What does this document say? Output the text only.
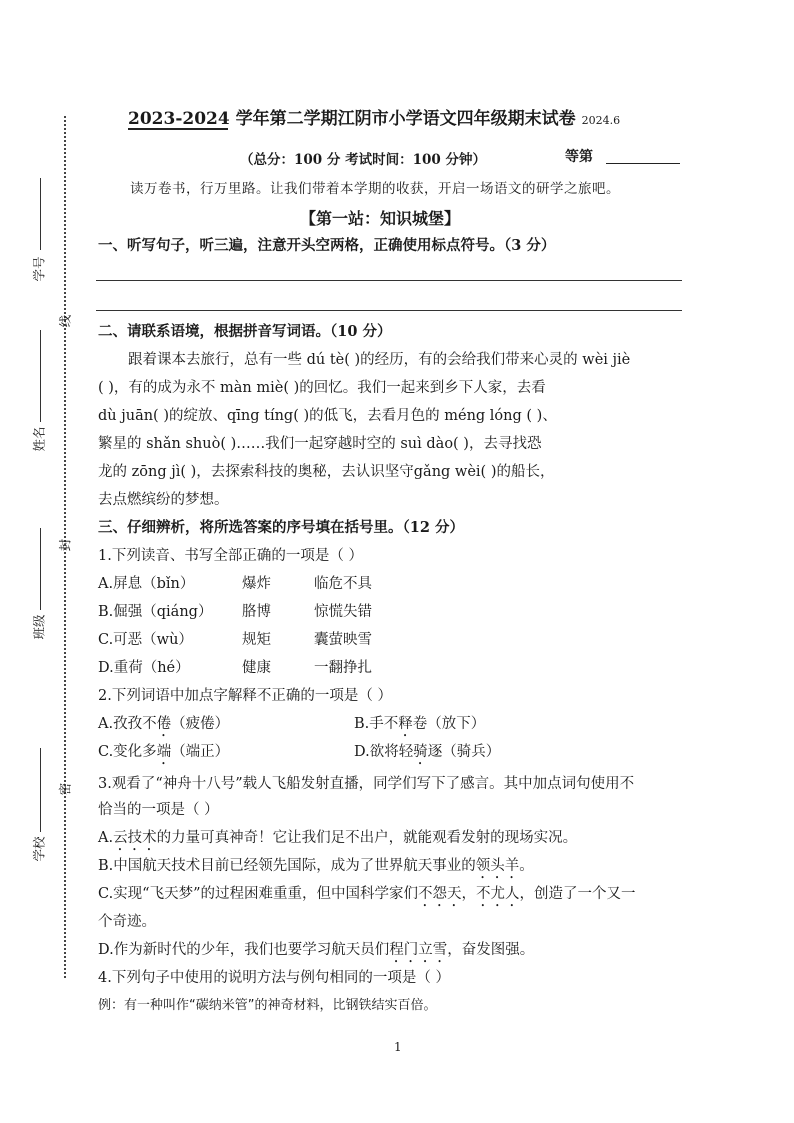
学号
线
姓名
封
班级
密
学校
2023-2024 学年第二学期江阴市小学语文四年级期末试卷 2024.6
（总分：100 分 考试时间：100 分钟）	等第
读万卷书，行万里路。让我们带着本学期的收获，开启一场语文的研学之旅吧。
【第一站：知识城堡】
一、听写句子，听三遍，注意开头空两格，正确使用标点符号。（3 分）
二、请联系语境，根据拼音写词语。（10 分）
跟着课本去旅行，总有一些 dú tè( )的经历，有的会给我们带来心灵的 wèi jiè
( )，有的成为永不 màn miè( )的回忆。我们一起来到乡下人家，去看
dù juān( )的绽放、qīng tíng( )的低飞，去看月色的 méng lóng ( )、
繁星的 shǎn shuò( )……我们一起穿越时空的 suì dào( )，去寻找恐
龙的 zōng jì( )，去探索科技的奥秘，去认识坚守gǎng wèi( )的船长，
去点燃缤纷的梦想。
三、仔细辨析，将所选答案的序号填在括号里。（12 分）
1.下列读音、书写全部正确的一项是（ ）
A.屏息（bǐn）	爆炸	临危不具
B.倔强（qiáng） 胳博	惊慌失错
C.可恶（wù）	规矩	囊萤映雪
D.重荷（hé）	健康	一翻挣扎
2.下列词语中加点字解释不正确的一项是（ ）
A.孜孜不倦（疲倦）	B.手不释卷（放下）
C.变化多端（端正）	D.欲将轻骑逐（骑兵）
3.观看了“神舟十八号”载人飞船发射直播，同学们写下了感言。其中加点词句使用不
恰当的一项是（ ）
A.云技术的力量可真神奇！它让我们足不出户，就能观看发射的现场实况。
B.中国航天技术目前已经领先国际，成为了世界航天事业的领头羊。
C.实现“飞天梦”的过程困难重重，但中国科学家们不怨天，不尤人，创造了一个又一
个奇迹。
D.作为新时代的少年，我们也要学习航天员们程门立雪，奋发图强。
4.下列句子中使用的说明方法与例句相同的一项是（ ）
例：有一种叫作“碳纳米管”的神奇材料，比钢铁结实百倍。
1
